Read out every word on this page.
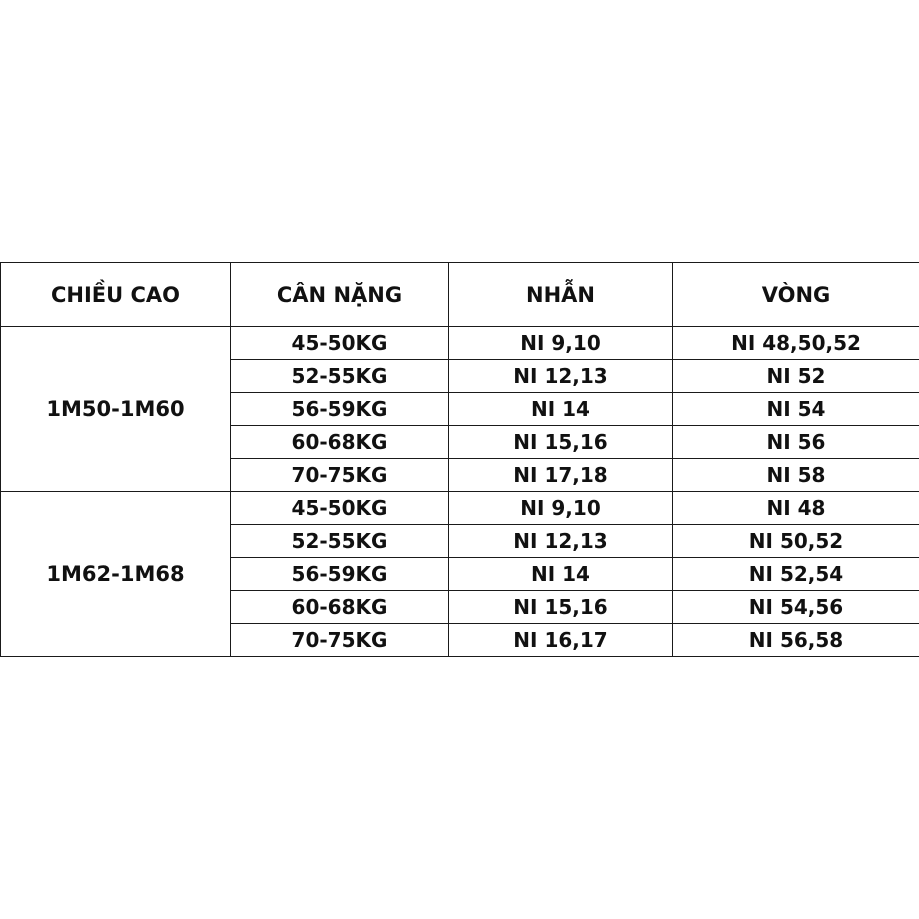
CHIỀU CAO	CÂN NẶNG	NHẪN	VÒNG
1M50-1M60	45-50KG	NI 9,10	NI 48,50,52
	52-55KG	NI 12,13	NI 52
	56-59KG	NI 14	NI 54
	60-68KG	NI 15,16	NI 56
	70-75KG	NI 17,18	NI 58
1M62-1M68	45-50KG	NI 9,10	NI 48
	52-55KG	NI 12,13	NI 50,52
	56-59KG	NI 14	NI 52,54
	60-68KG	NI 15,16	NI 54,56
	70-75KG	NI 16,17	NI 56,58
